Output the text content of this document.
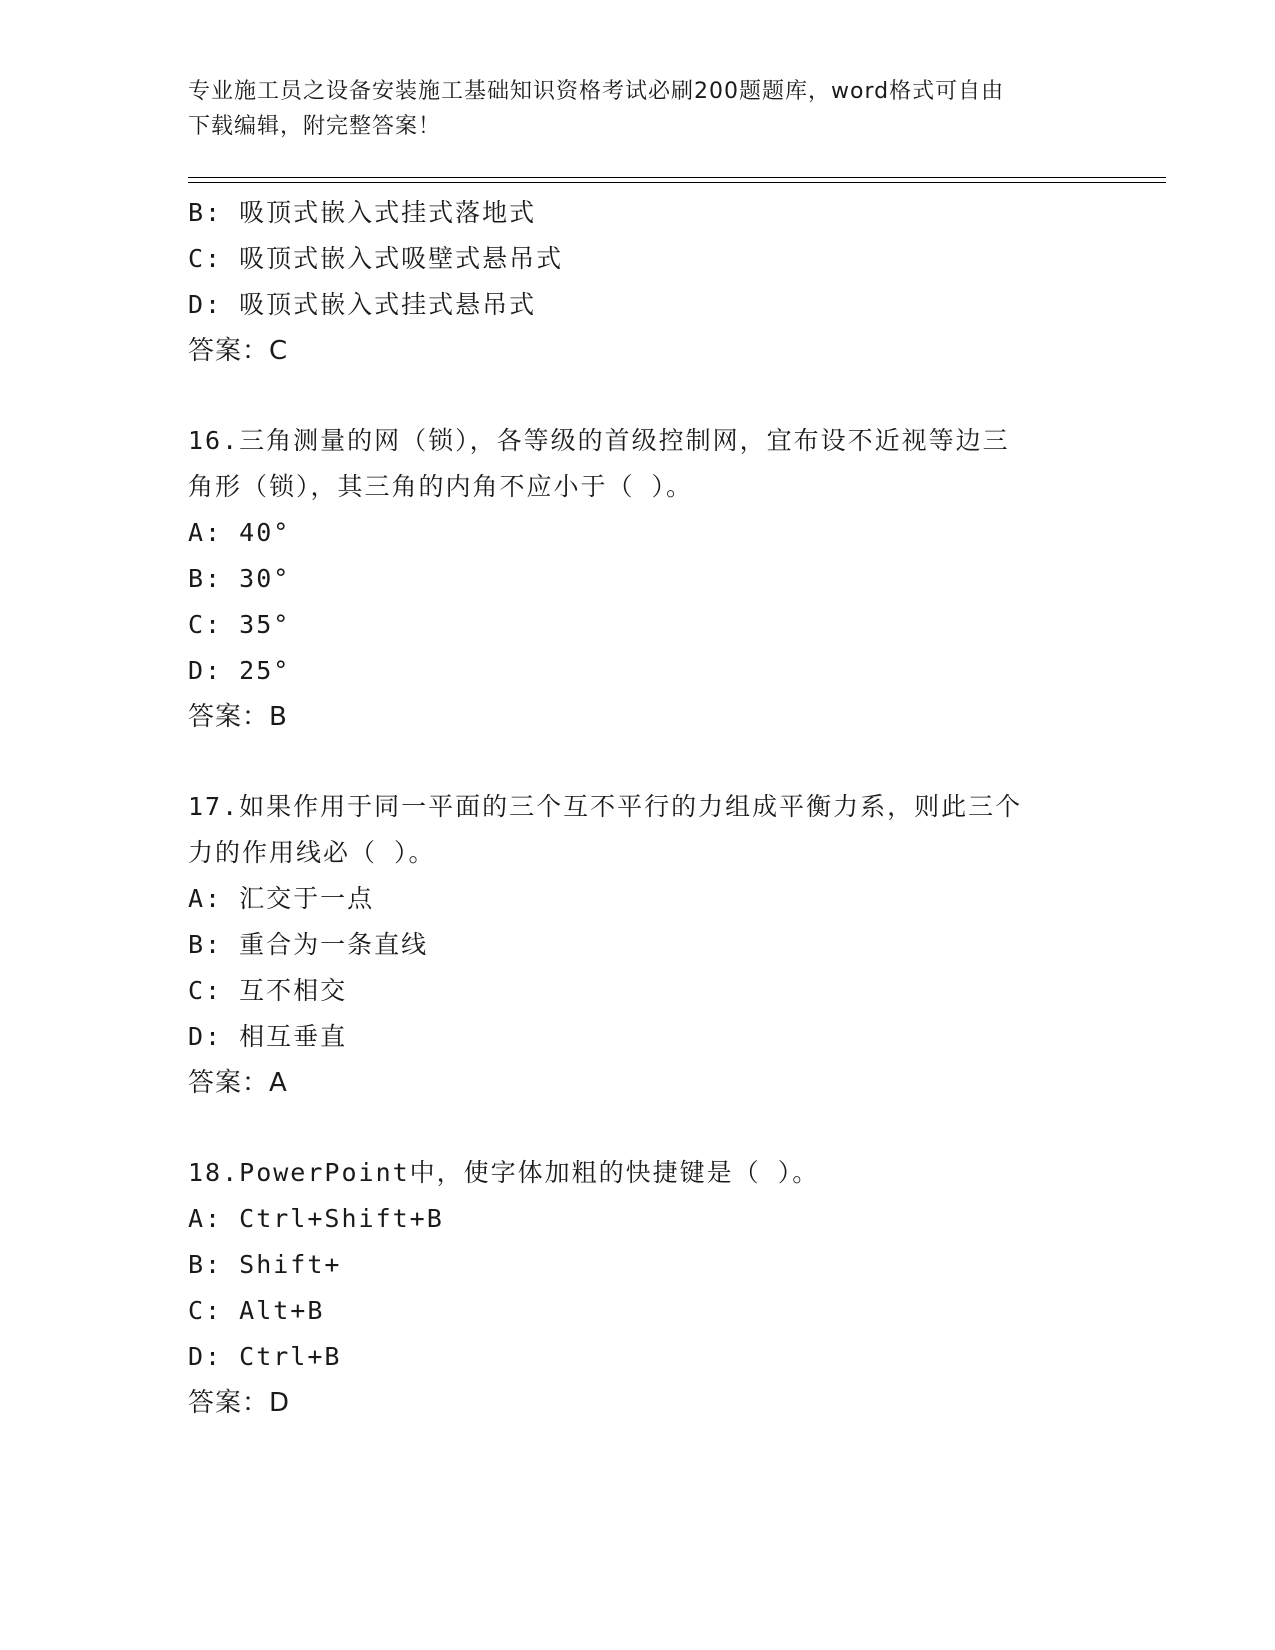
专业施工员之设备安装施工基础知识资格考试必刷200题题库，word格式可自由
下载编辑，附完整答案！
B: 吸顶式嵌入式挂式落地式
C: 吸顶式嵌入式吸壁式悬吊式
D: 吸顶式嵌入式挂式悬吊式
答案：C
16.三角测量的网（锁），各等级的首级控制网，宜布设不近视等边三
角形（锁），其三角的内角不应小于（ ）。
A: 40°
B: 30°
C: 35°
D: 25°
答案：B
17.如果作用于同一平面的三个互不平行的力组成平衡力系，则此三个
力的作用线必（ ）。
A: 汇交于一点
B: 重合为一条直线
C: 互不相交
D: 相互垂直
答案：A
18.PowerPoint中，使字体加粗的快捷键是（ ）。
A: Ctrl+Shift+B
B: Shift+
C: Alt+B
D: Ctrl+B
答案：D
